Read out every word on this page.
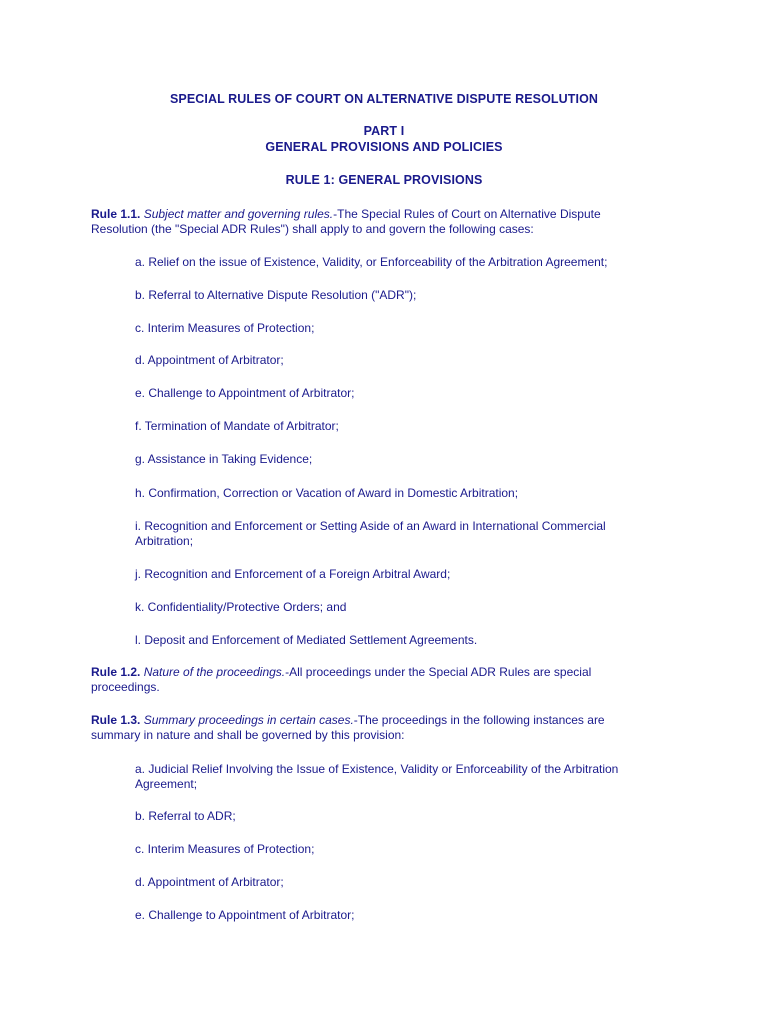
SPECIAL RULES OF COURT ON ALTERNATIVE DISPUTE RESOLUTION
PART I
GENERAL PROVISIONS AND POLICIES
RULE 1: GENERAL PROVISIONS
Rule 1.1. Subject matter and governing rules.-The Special Rules of Court on Alternative Dispute Resolution (the "Special ADR Rules") shall apply to and govern the following cases:
a. Relief on the issue of Existence, Validity, or Enforceability of the Arbitration Agreement;
b. Referral to Alternative Dispute Resolution ("ADR");
c. Interim Measures of Protection;
d. Appointment of Arbitrator;
e. Challenge to Appointment of Arbitrator;
f. Termination of Mandate of Arbitrator;
g. Assistance in Taking Evidence;
h. Confirmation, Correction or Vacation of Award in Domestic Arbitration;
i. Recognition and Enforcement or Setting Aside of an Award in International Commercial Arbitration;
j. Recognition and Enforcement of a Foreign Arbitral Award;
k. Confidentiality/Protective Orders; and
l. Deposit and Enforcement of Mediated Settlement Agreements.
Rule 1.2. Nature of the proceedings.-All proceedings under the Special ADR Rules are special proceedings.
Rule 1.3. Summary proceedings in certain cases.-The proceedings in the following instances are summary in nature and shall be governed by this provision:
a. Judicial Relief Involving the Issue of Existence, Validity or Enforceability of the Arbitration Agreement;
b. Referral to ADR;
c. Interim Measures of Protection;
d. Appointment of Arbitrator;
e. Challenge to Appointment of Arbitrator;
